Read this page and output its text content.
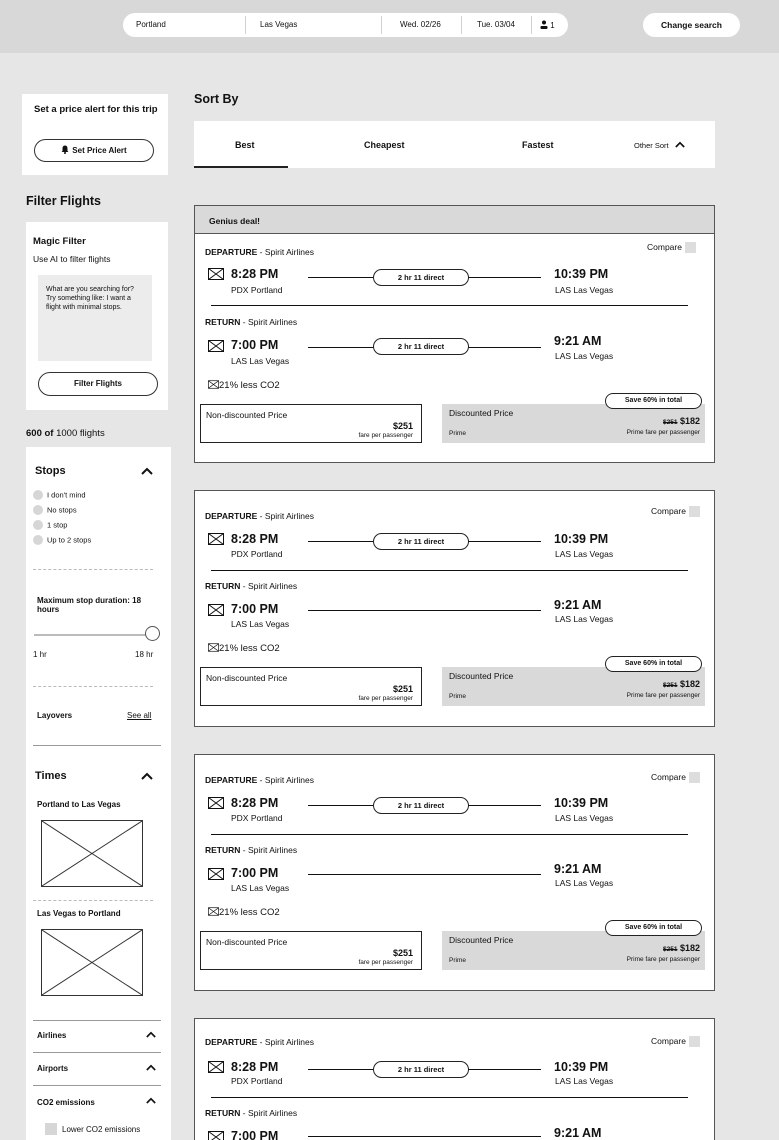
Portland	Las Vegas	Wed. 02/26	Tue. 03/04	1	Change search
Set a price alert for this trip
Set Price Alert
Filter Flights
Magic Filter
Use AI to filter flights
What are you searching for? Try something like: I want a flight with minimal stops.
Filter Flights
600 of 1000 flights
Stops
I don't mind
No stops
1 stop
Up to 2 stops
Maximum stop duration: 18 hours
1 hr	18 hr
Layovers	See all
Times
Portland to Las Vegas
Las Vegas to Portland
Airlines
Airports
CO2 emissions
Lower CO2 emissions
Sort By
Best	Cheapest	Fastest	Other Sort
Genius deal!
Compare
DEPARTURE - Spirit Airlines
8:28 PM
PDX Portland
2 hr 11 direct	10:39 PM
LAS Las Vegas
RETURN - Spirit Airlines
7:00 PM
LAS Las Vegas
2 hr 11 direct	9:21 AM
LAS Las Vegas
21% less CO2
Non-discounted Price
$251
fare per passenger
Discounted Price
Prime
$251 $182
Prime fare per passenger
Save 60% in total
Compare
DEPARTURE - Spirit Airlines
8:28 PM
PDX Portland
2 hr 11 direct	10:39 PM
LAS Las Vegas
RETURN - Spirit Airlines
7:00 PM
LAS Las Vegas
9:21 AM
LAS Las Vegas
21% less CO2
Non-discounted Price
$251
fare per passenger
Discounted Price
Prime
$251 $182
Prime fare per passenger
Save 60% in total
Compare
DEPARTURE - Spirit Airlines
8:28 PM
PDX Portland
2 hr 11 direct	10:39 PM
LAS Las Vegas
RETURN - Spirit Airlines
7:00 PM
LAS Las Vegas
9:21 AM
LAS Las Vegas
21% less CO2
Non-discounted Price
$251
fare per passenger
Discounted Price
Prime
$251 $182
Prime fare per passenger
Save 60% in total
Compare
DEPARTURE - Spirit Airlines
8:28 PM
PDX Portland
2 hr 11 direct	10:39 PM
LAS Las Vegas
RETURN - Spirit Airlines
7:00 PM	9:21 AM
